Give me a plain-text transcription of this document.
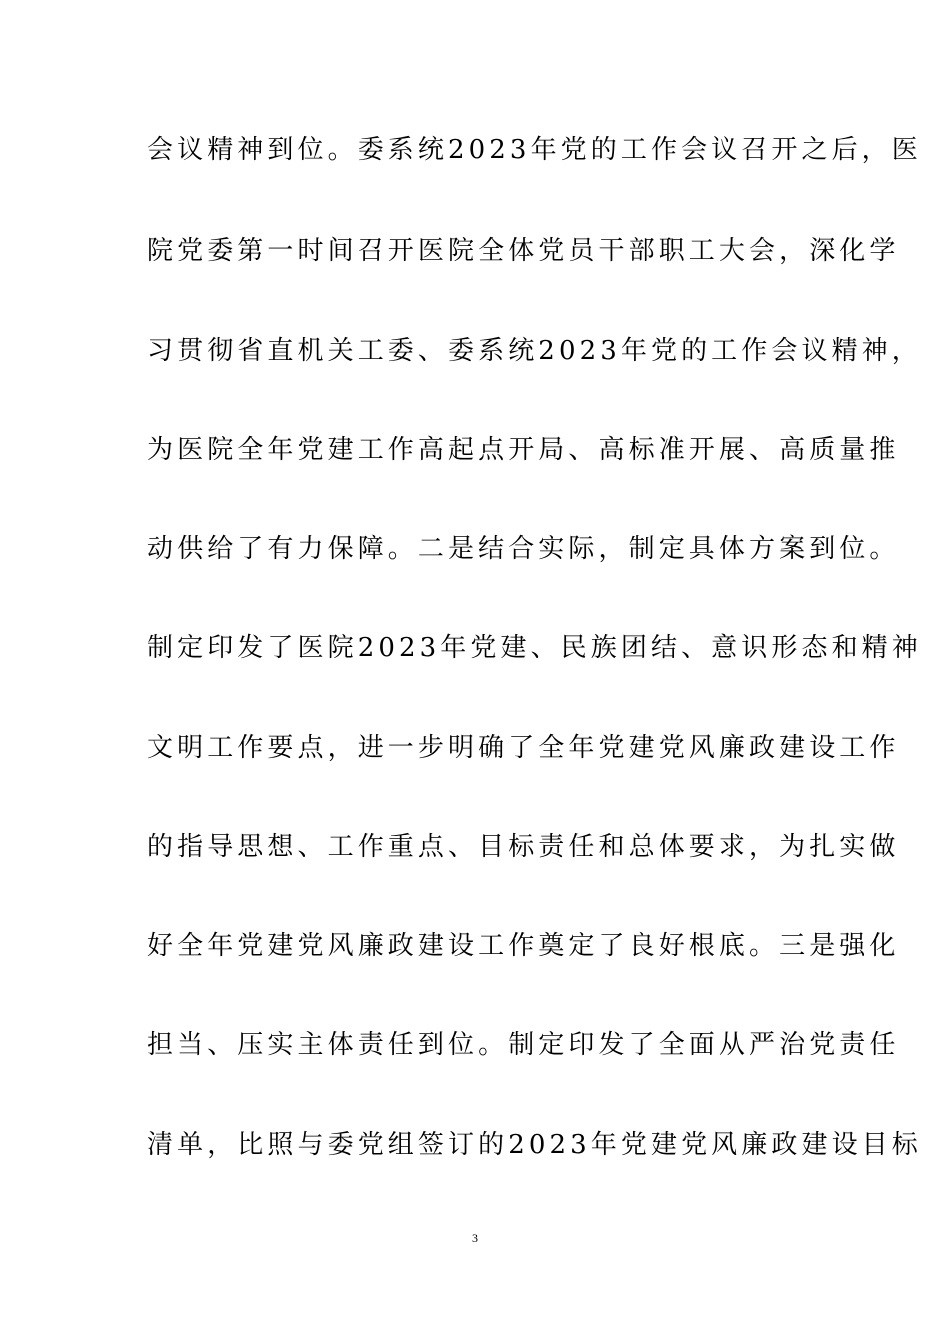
会议精神到位。委系统2023年党的工作会议召开之后，医
院党委第一时间召开医院全体党员干部职工大会，深化学
习贯彻省直机关工委、委系统2023年党的工作会议精神，
为医院全年党建工作高起点开局、高标准开展、高质量推
动供给了有力保障。二是结合实际，制定具体方案到位。
制定印发了医院2023年党建、民族团结、意识形态和精神
文明工作要点，进一步明确了全年党建党风廉政建设工作
的指导思想、工作重点、目标责任和总体要求，为扎实做
好全年党建党风廉政建设工作奠定了良好根底。三是强化
担当、压实主体责任到位。制定印发了全面从严治党责任
清单，比照与委党组签订的2023年党建党风廉政建设目标
3
